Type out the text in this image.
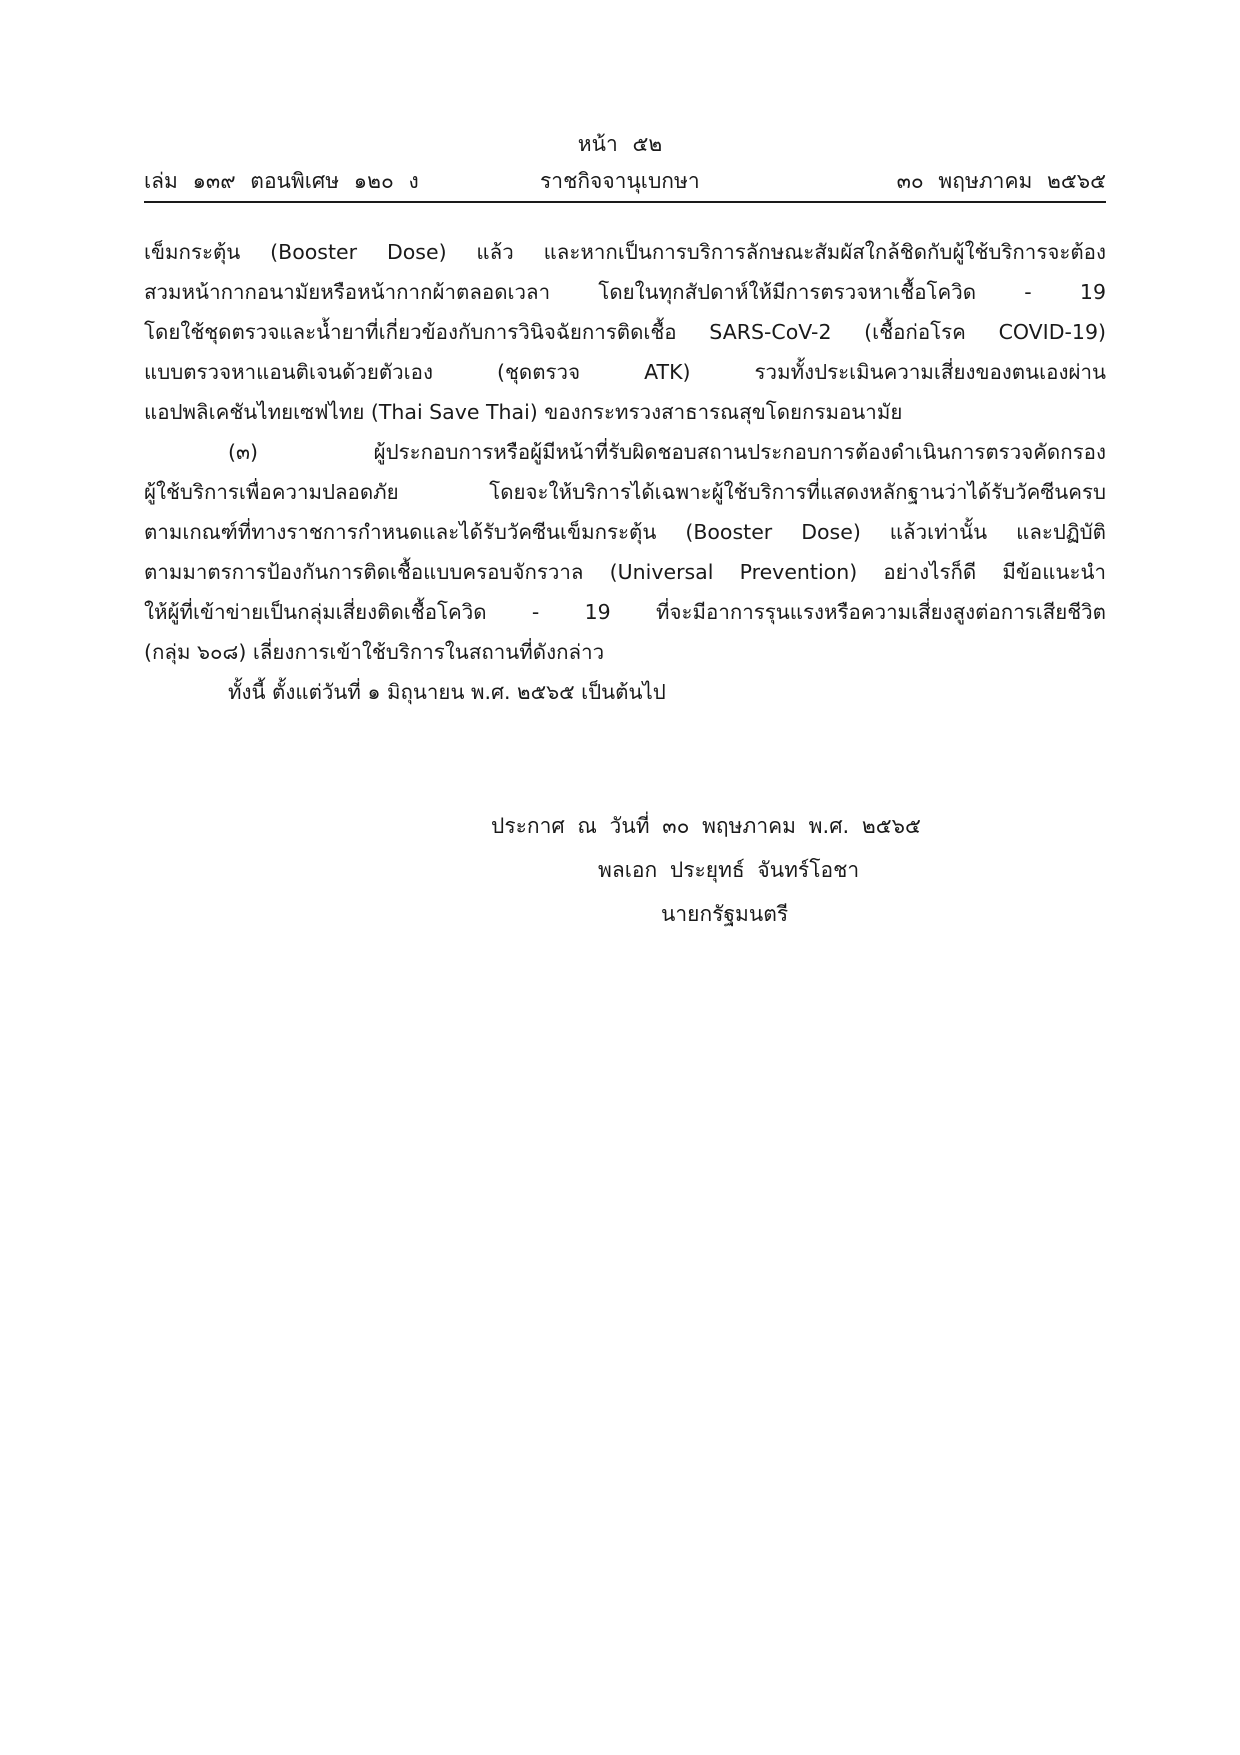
หน้า ๕๒
เล่ม ๑๓๙ ตอนพิเศษ ๑๒๐ ง	ราชกิจจานุเบกษา	๓๐ พฤษภาคม ๒๕๖๕
เข็มกระตุ้น (Booster Dose) แล้ว และหากเป็นการบริการลักษณะสัมผัสใกล้ชิดกับผู้ใช้บริการจะต้อง
สวมหน้ากากอนามัยหรือหน้ากากผ้าตลอดเวลา โดยในทุกสัปดาห์ให้มีการตรวจหาเชื้อโควิด - 19
โดยใช้ชุดตรวจและน้ำยาที่เกี่ยวข้องกับการวินิจฉัยการติดเชื้อ SARS-CoV-2 (เชื้อก่อโรค COVID-19)
แบบตรวจหาแอนติเจนด้วยตัวเอง (ชุดตรวจ ATK) รวมทั้งประเมินความเสี่ยงของตนเองผ่าน
แอปพลิเคชันไทยเซฟไทย (Thai Save Thai) ของกระทรวงสาธารณสุขโดยกรมอนามัย
(๓) ผู้ประกอบการหรือผู้มีหน้าที่รับผิดชอบสถานประกอบการต้องดำเนินการตรวจคัดกรอง
ผู้ใช้บริการเพื่อความปลอดภัย โดยจะให้บริการได้เฉพาะผู้ใช้บริการที่แสดงหลักฐานว่าได้รับวัคซีนครบ
ตามเกณฑ์ที่ทางราชการกำหนดและได้รับวัคซีนเข็มกระตุ้น (Booster Dose) แล้วเท่านั้น และปฏิบัติ
ตามมาตรการป้องกันการติดเชื้อแบบครอบจักรวาล (Universal Prevention) อย่างไรก็ดี มีข้อแนะนำ
ให้ผู้ที่เข้าข่ายเป็นกลุ่มเสี่ยงติดเชื้อโควิด - 19 ที่จะมีอาการรุนแรงหรือความเสี่ยงสูงต่อการเสียชีวิต
(กลุ่ม ๖๐๘) เลี่ยงการเข้าใช้บริการในสถานที่ดังกล่าว
ทั้งนี้ ตั้งแต่วันที่ ๑ มิถุนายน พ.ศ. ๒๕๖๕ เป็นต้นไป
ประกาศ ณ วันที่ ๓๐ พฤษภาคม พ.ศ. ๒๕๖๕
พลเอก ประยุทธ์ จันทร์โอชา
นายกรัฐมนตรี
